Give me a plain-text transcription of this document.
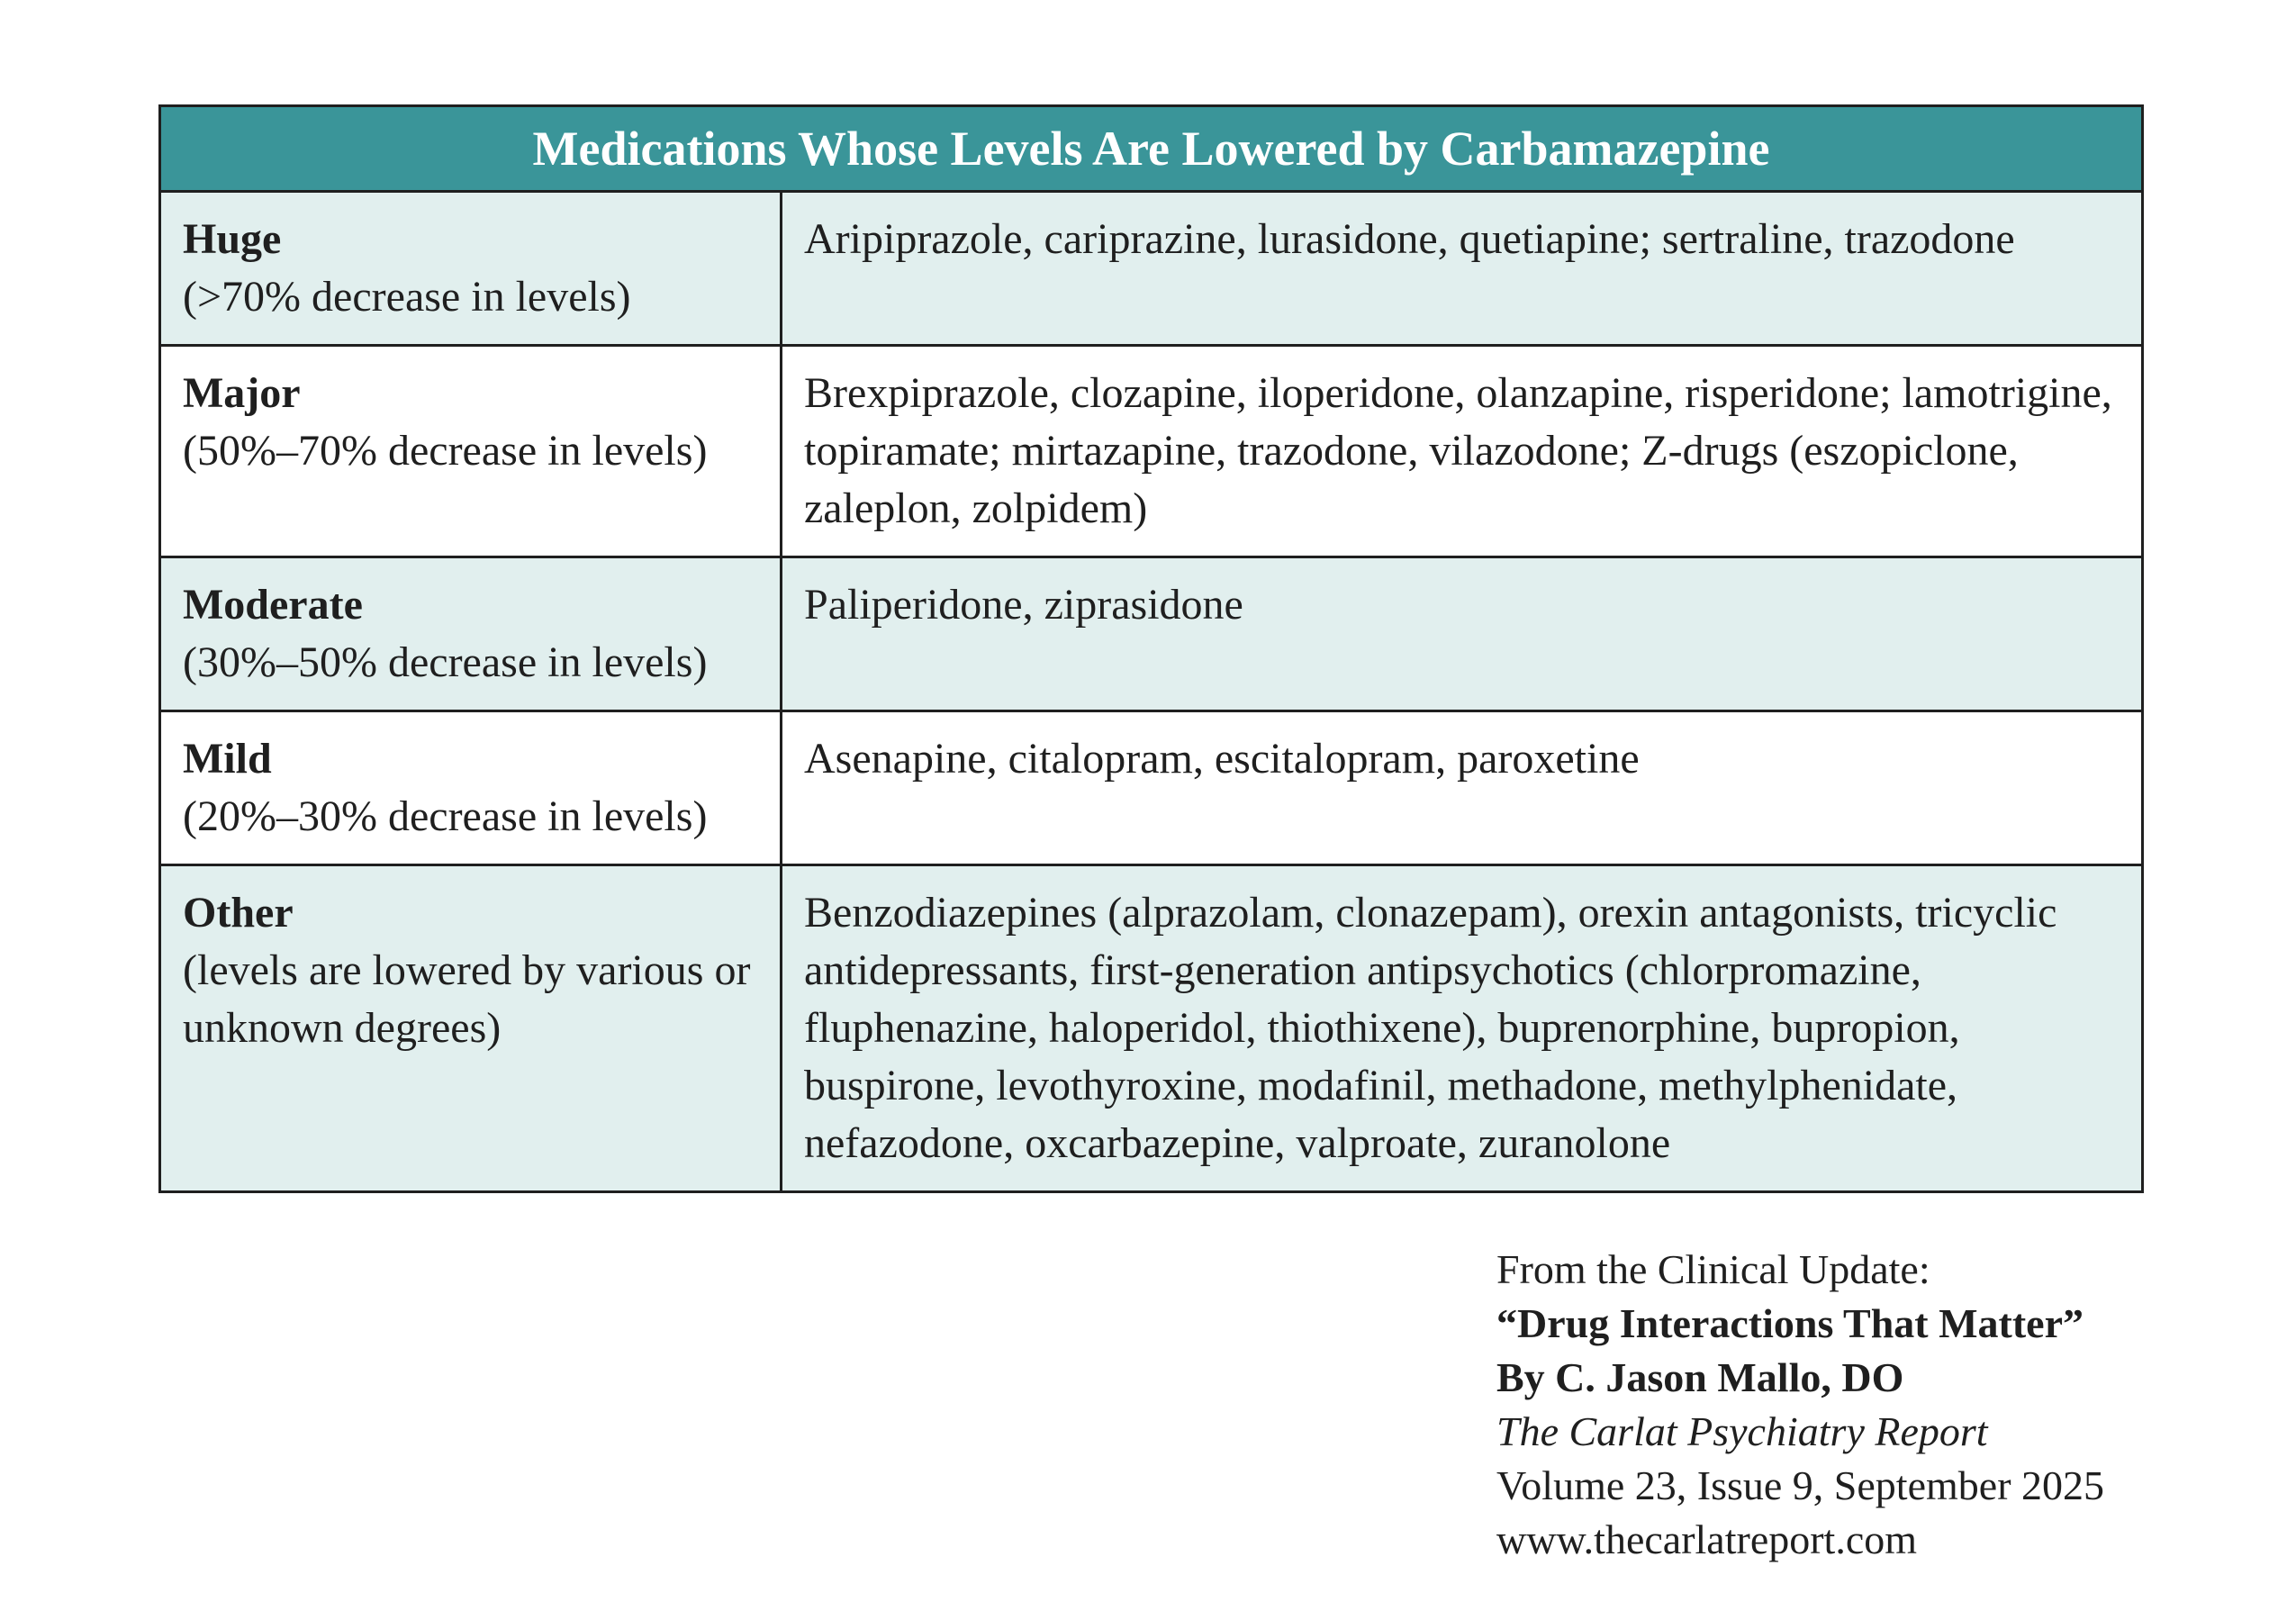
Medications Whose Levels Are Lowered by Carbamazepine	

Huge
(>70% decrease in levels)	Aripiprazole, cariprazine, lurasidone, quetiapine; sertraline, trazodone

Major
(50%–70% decrease in levels)	Brexpiprazole, clozapine, iloperidone, olanzapine, risperidone; lamotrigine, topiramate; mirtazapine, trazodone, vilazodone; Z-drugs (eszopiclone, zaleplon, zolpidem)

Moderate
(30%–50% decrease in levels)	Paliperidone, ziprasidone

Mild
(20%–30% decrease in levels)	Asenapine, citalopram, escitalopram, paroxetine

Other
(levels are lowered by various or unknown degrees)	Benzodiazepines (alprazolam, clonazepam), orexin antagonists, tricyclic antidepressants, first-generation antipsychotics (chlorpromazine, fluphenazine, haloperidol, thiothixene), buprenorphine, bupropion, buspirone, levothyroxine, modafinil, methadone, methylphenidate, nefazodone, oxcarbazepine, valproate, zuranolone
From the Clinical Update:
“Drug Interactions That Matter”
By C. Jason Mallo, DO
The Carlat Psychiatry Report
Volume 23, Issue 9, September 2025
www.thecarlatreport.com
